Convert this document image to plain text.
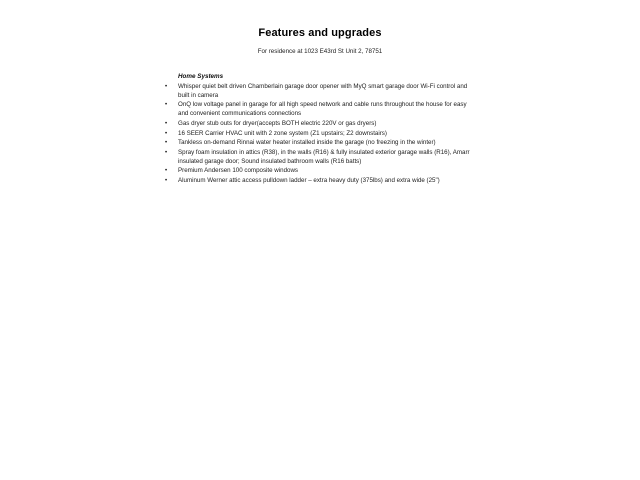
Features and upgrades
For residence at 1023 E43rd St Unit 2, 78751
Home Systems
• Whisper quiet belt driven Chamberlain garage door opener with MyQ smart garage door Wi-Fi control and built in camera
• OnQ low voltage panel in garage for all high speed network and cable runs throughout the house for easy and convenient communications connections
• Gas dryer stub outs for dryer(accepts BOTH electric 220V or gas dryers)
• 16 SEER Carrier HVAC unit with 2 zone system (Z1 upstairs; Z2 downstairs)
• Tankless on-demand Rinnai water heater installed inside the garage (no freezing in the winter)
• Spray foam insulation in attics (R38), in the walls (R16) & fully insulated exterior garage walls (R16), Amarr insulated garage door; Sound insulated bathroom walls (R16 batts)
• Premium Andersen 100 composite windows
• Aluminum Werner attic access pulldown ladder – extra heavy duty (375lbs) and extra wide (25")
